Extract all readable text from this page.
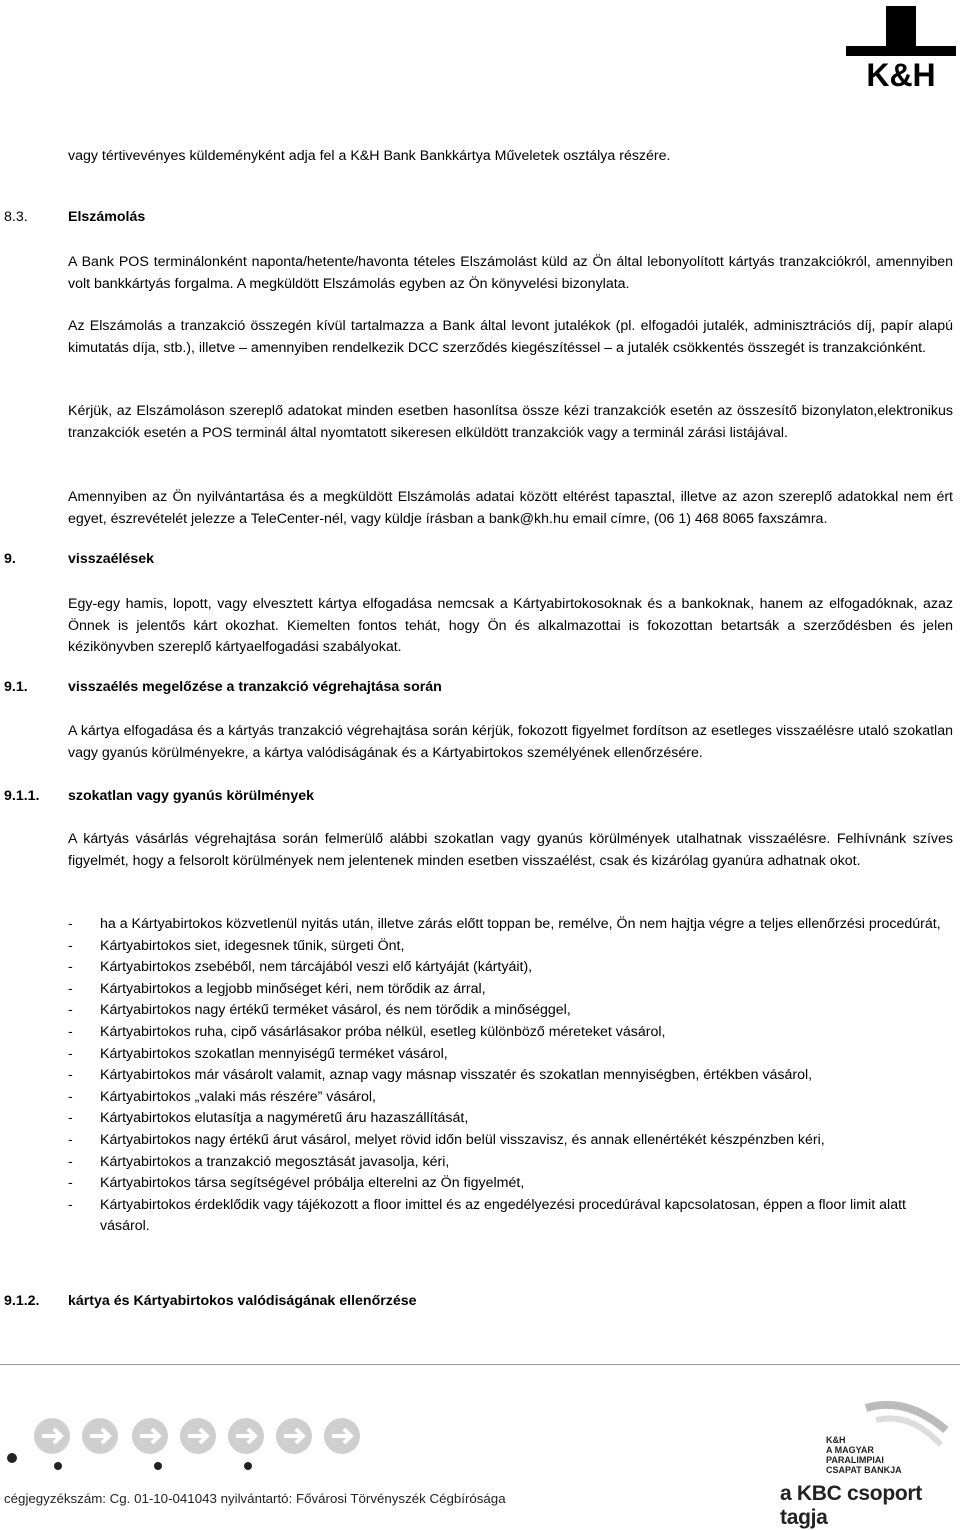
K&H
vagy tértivevényes küldeményként adja fel a K&H Bank Bankkártya Műveletek osztálya részére.
8.3.	Elszámolás
A Bank POS terminálonként naponta/hetente/havonta tételes Elszámolást küld az Ön által lebonyolított kártyás tranzakciókról, amennyiben volt bankkártyás forgalma. A megküldött Elszámolás egyben az Ön könyvelési bizonylata.
Az Elszámolás a tranzakció összegén kívül tartalmazza a Bank által levont jutalékok (pl. elfogadói jutalék, adminisztrációs díj, papír alapú kimutatás díja, stb.), illetve – amennyiben rendelkezik DCC szerződés kiegészítéssel – a jutalék csökkentés összegét is tranzakciónként.
Kérjük, az Elszámoláson szereplő adatokat minden esetben hasonlítsa össze kézi tranzakciók esetén az összesítő bizonylaton,elektronikus tranzakciók esetén a POS terminál által nyomtatott sikeresen elküldött tranzakciók vagy a terminál zárási listájával.
Amennyiben az Ön nyilvántartása és a megküldött Elszámolás adatai között eltérést tapasztal, illetve az azon szereplő adatokkal nem ért egyet, észrevételét jelezze a TeleCenter-nél, vagy küldje írásban a bank@kh.hu email címre, (06 1) 468 8065 faxszámra.
9.	visszaélések
Egy-egy hamis, lopott, vagy elvesztett kártya elfogadása nemcsak a Kártyabirtokosoknak és a bankoknak, hanem az elfogadóknak, azaz Önnek is jelentős kárt okozhat. Kiemelten fontos tehát, hogy Ön és alkalmazottai is fokozottan betartsák a szerződésben és jelen kézikönyvben szereplő kártyaelfogadási szabályokat.
9.1.	visszaélés megelőzése a tranzakció végrehajtása során
A kártya elfogadása és a kártyás tranzakció végrehajtása során kérjük, fokozott figyelmet fordítson az esetleges visszaélésre utaló szokatlan vagy gyanús körülményekre, a kártya valódiságának és a Kártyabirtokos személyének ellenőrzésére.
9.1.1. szokatlan vagy gyanús körülmények
A kártyás vásárlás végrehajtása során felmerülő alábbi szokatlan vagy gyanús körülmények utalhatnak visszaélésre. Felhívnánk szíves figyelmét, hogy a felsorolt körülmények nem jelentenek minden esetben visszaélést, csak és kizárólag gyanúra adhatnak okot.
- ha a Kártyabirtokos közvetlenül nyitás után, illetve zárás előtt toppan be, remélve, Ön nem hajtja végre a teljes ellenőrzési procedúrát,
- Kártyabirtokos siet, idegesnek tűnik, sürgeti Önt,
- Kártyabirtokos zsebéből, nem tárcájából veszi elő kártyáját (kártyáit),
- Kártyabirtokos a legjobb minőséget kéri, nem törődik az árral,
- Kártyabirtokos nagy értékű terméket vásárol, és nem törődik a minőséggel,
- Kártyabirtokos ruha, cipő vásárlásakor próba nélkül, esetleg különböző méreteket vásárol,
- Kártyabirtokos szokatlan mennyiségű terméket vásárol,
- Kártyabirtokos már vásárolt valamit, aznap vagy másnap visszatér és szokatlan mennyiségben, értékben vásárol,
- Kártyabirtokos „valaki más részére” vásárol,
- Kártyabirtokos elutasítja a nagyméretű áru hazaszállítását,
- Kártyabirtokos nagy értékű árut vásárol, melyet rövid időn belül visszavisz, és annak ellenértékét készpénzben kéri,
- Kártyabirtokos a tranzakció megosztását javasolja, kéri,
- Kártyabirtokos társa segítségével próbálja elterelni az Ön figyelmét,
- Kártyabirtokos érdeklődik vagy tájékozott a floor imittel és az engedélyezési procedúrával kapcsolatosan, éppen a floor limit alatt vásárol.
9.1.2. kártya és Kártyabirtokos valódiságának ellenőrzése
K&H
A MAGYAR
PARALIMPIAI
CSAPAT BANKJA
cégjegyzékszám: Cg. 01-10-041043 nyilvántartó: Fővárosi Törvényszék Cégbírósága	a KBC csoport tagja
